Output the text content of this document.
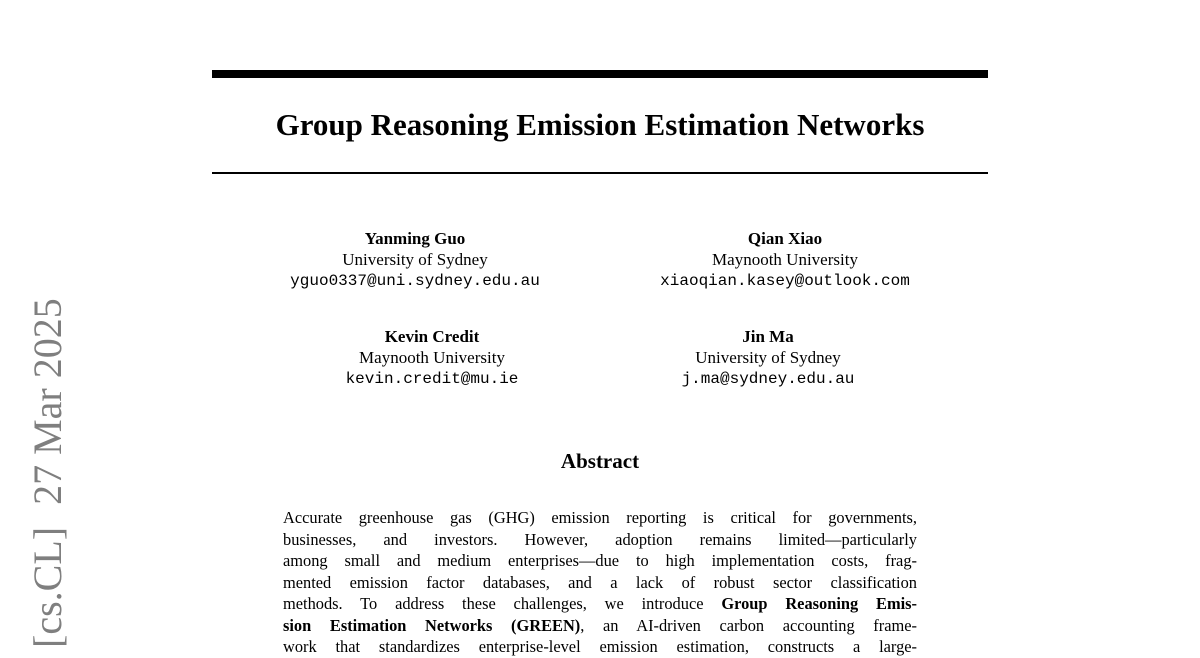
[cs.CL]27 Mar 2025
Group Reasoning Emission Estimation Networks
Yanming Guo
University of Sydney
yguo0337@uni.sydney.edu.au
Qian Xiao
Maynooth University
xiaoqian.kasey@outlook.com
Kevin Credit
Maynooth University
kevin.credit@mu.ie
Jin Ma
University of Sydney
j.ma@sydney.edu.au
Abstract
Accurate greenhouse gas (GHG) emission reporting is critical for governments,
businesses, and investors. However, adoption remains limited—particularly
among small and medium enterprises—due to high implementation costs, frag-
mented emission factor databases, and a lack of robust sector classification
methods. To address these challenges, we introduce Group Reasoning Emis-
sion Estimation Networks (GREEN), an AI-driven carbon accounting frame-
work that standardizes enterprise-level emission estimation, constructs a large-
